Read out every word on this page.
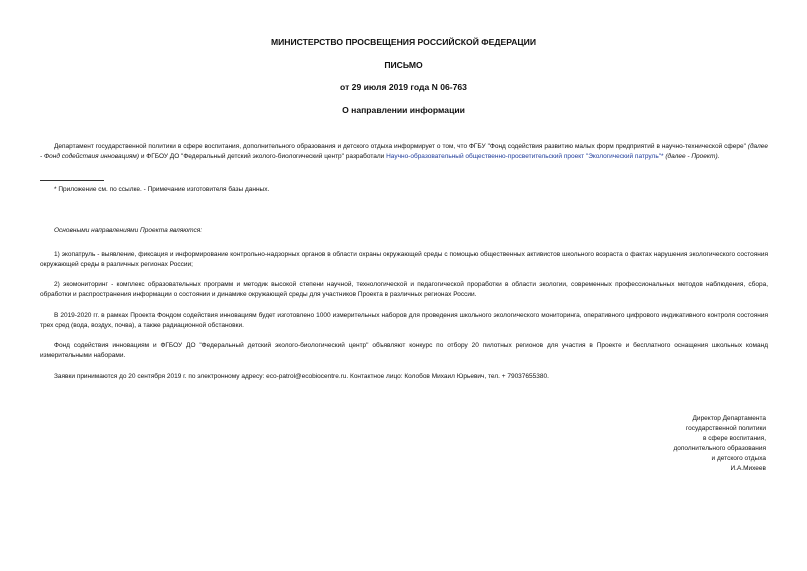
МИНИСТЕРСТВО ПРОСВЕЩЕНИЯ РОССИЙСКОЙ ФЕДЕРАЦИИ
ПИСЬМО
от 29 июля 2019 года N 06-763
О направлении информации
Департамент государственной политики в сфере воспитания, дополнительного образования и детского отдыха информирует о том, что ФГБУ "Фонд содействия развитию малых форм предприятий в научно-технической сфере" (далее - Фонд содействия инновациям) и ФГБОУ ДО "Федеральный детский эколого-биологический центр" разработали Научно-образовательный общественно-просветительский проект "Экологический патруль"* (далее - Проект).
* Приложение см. по ссылке. - Примечание изготовителя базы данных.
Основными направлениями Проекта являются:
1) экопатруль - выявление, фиксация и информирование контрольно-надзорных органов в области охраны окружающей среды с помощью общественных активистов школьного возраста о фактах нарушения экологического состояния окружающей среды в различных регионах России;
2) экомониторинг - комплекс образовательных программ и методик высокой степени научной, технологической и педагогической проработки в области экологии, современных профессиональных методов наблюдения, сбора, обработки и распространения информации о состоянии и динамике окружающей среды для участников Проекта в различных регионах России.
В 2019-2020 гг. в рамках Проекта Фондом содействия инновациям будет изготовлено 1000 измерительных наборов для проведения школьного экологического мониторинга, оперативного цифрового индикативного контроля состояния трех сред (вода, воздух, почва), а также радиационной обстановки.
Фонд содействия инновациям и ФГБОУ ДО "Федеральный детский эколого-биологический центр" объявляют конкурс по отбору 20 пилотных регионов для участия в Проекте и бесплатного оснащения школьных команд измерительными наборами.
Заявки принимаются до 20 сентября 2019 г. по электронному адресу: eco-patrol@ecobiocentre.ru. Контактное лицо: Колобов Михаил Юрьевич, тел. + 79037655380.
Директор Департамента
государственной политики
в сфере воспитания,
дополнительного образования
и детского отдыха
И.А.Михеев
